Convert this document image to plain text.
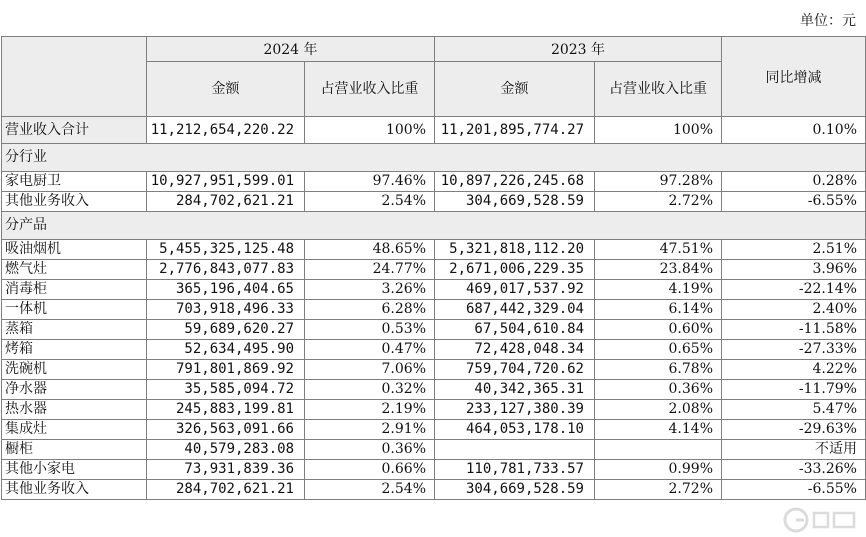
单位：元
	2024 年		2023 年		同比增减
	金额	占营业收入比重	金额	占营业收入比重	
营业收入合计	11,212,654,220.22	100%	11,201,895,774.27	100%	0.10%
分行业					
家电厨卫	10,927,951,599.01	97.46%	10,897,226,245.68	97.28%	0.28%
其他业务收入	284,702,621.21	2.54%	304,669,528.59	2.72%	-6.55%
分产品					
吸油烟机	5,455,325,125.48	48.65%	5,321,818,112.20	47.51%	2.51%
燃气灶	2,776,843,077.83	24.77%	2,671,006,229.35	23.84%	3.96%
消毒柜	365,196,404.65	3.26%	469,017,537.92	4.19%	-22.14%
一体机	703,918,496.33	6.28%	687,442,329.04	6.14%	2.40%
蒸箱	59,689,620.27	0.53%	67,504,610.84	0.60%	-11.58%
烤箱	52,634,495.90	0.47%	72,428,048.34	0.65%	-27.33%
洗碗机	791,801,869.92	7.06%	759,704,720.62	6.78%	4.22%
净水器	35,585,094.72	0.32%	40,342,365.31	0.36%	-11.79%
热水器	245,883,199.81	2.19%	233,127,380.39	2.08%	5.47%
集成灶	326,563,091.66	2.91%	464,053,178.10	4.14%	-29.63%
橱柜	40,579,283.08	0.36%			不适用
其他小家电	73,931,839.36	0.66%	110,781,733.57	0.99%	-33.26%
其他业务收入	284,702,621.21	2.54%	304,669,528.59	2.72%	-6.55%
